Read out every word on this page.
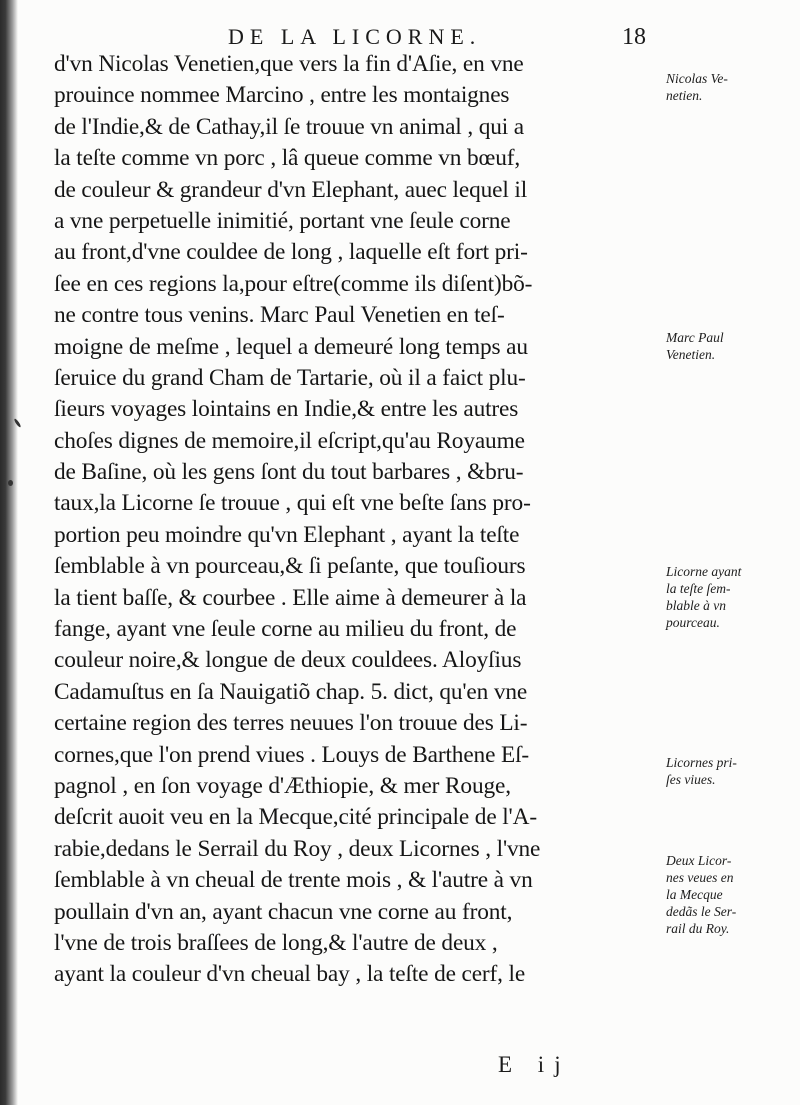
DE LA LICORNE.	18

d'vn Nicolas Venetien,que vers la fin d'Aſie, en vne
prouince nommee Marcino , entre les montaignes
de l'Indie,& de Cathay,il ſe trouue vn animal , qui a
la teſte comme vn porc , lâ queue comme vn bœuf,
de couleur & grandeur d'vn Elephant, auec lequel il
a vne perpetuelle inimitié, portant vne ſeule corne
au front,d'vne couldee de long , laquelle eſt fort pri-
ſee en ces regions la,pour eſtre(comme ils diſent)bõ-
ne contre tous venins. Marc Paul Venetien en teſ-
moigne de meſme , lequel a demeuré long temps au
ſeruice du grand Cham de Tartarie, où il a faict plu-
ſieurs voyages lointains en Indie,& entre les autres
choſes dignes de memoire,il eſcript,qu'au Royaume
de Baſine, où les gens ſont du tout barbares , &bru-
taux,la Licorne ſe trouue , qui eſt vne beſte ſans pro-
portion peu moindre qu'vn Elephant , ayant la teſte
ſemblable à vn pourceau,& ſi peſante, que touſiours
la tient baſſe, & courbee . Elle aime à demeurer à la
fange, ayant vne ſeule corne au milieu du front, de
couleur noire,& longue de deux couldees. Aloyſius
Cadamuſtus en ſa Nauigatiõ chap. 5. dict, qu'en vne
certaine region des terres neuues l'on trouue des Li-
cornes,que l'on prend viues . Louys de Barthene Eſ-
pagnol , en ſon voyage d'Æthiopie, & mer Rouge,
deſcrit auoit veu en la Mecque,cité principale de l'A-
rabie,dedans le Serrail du Roy , deux Licornes , l'vne
ſemblable à vn cheual de trente mois , & l'autre à vn
poullain d'vn an, ayant chacun vne corne au front,
l'vne de trois braſſees de long,& l'autre de deux ,
ayant la couleur d'vn cheual bay , la teſte de cerf, le
Nicolas Ve-
netien.
Marc Paul
Venetien.
Licorne ayant
la teſte ſem-
blable à vn
pourceau.
Licornes pri-
ſes viues.
Deux Licor-
nes veues en
la Mecque
dedãs le Ser-
rail du Roy.
E ij
